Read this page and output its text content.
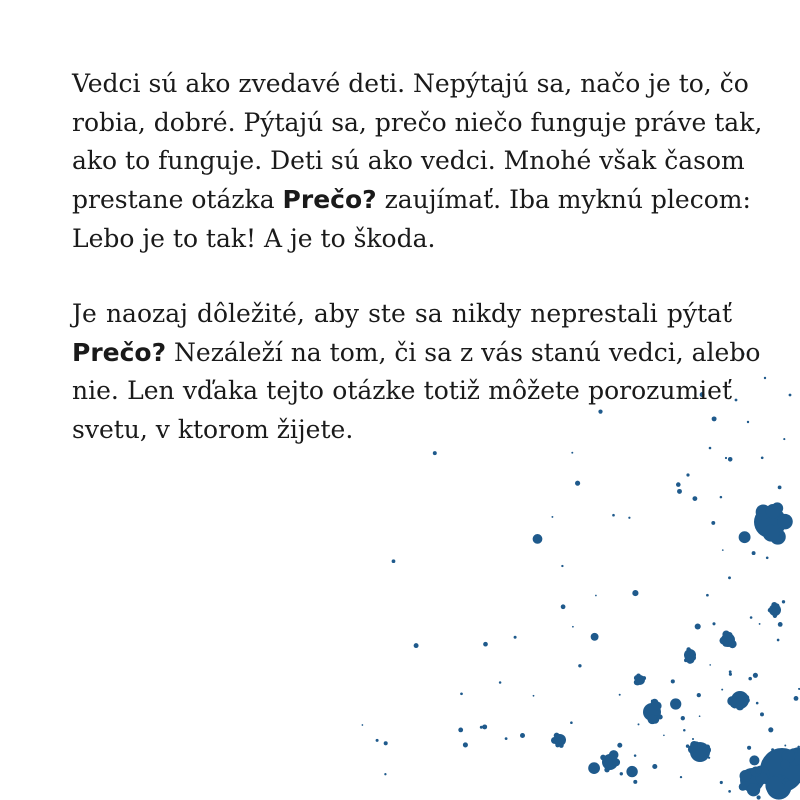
Vedci sú ako zvedavé deti. Nepýtajú sa, načo je to, čo
robia, dobré. Pýtajú sa, prečo niečo funguje práve tak,
ako to funguje. Deti sú ako vedci. Mnohé však časom
prestane otázka Prečo? zaujímať. Iba myknú plecom:
Lebo je to tak! A je to škoda.

Je naozaj dôležité, aby ste sa nikdy neprestali pýtať
Prečo? Nezáleží na tom, či sa z vás stanú vedci, alebo
nie. Len vďaka tejto otázke totiž môžete porozumieť
svetu, v ktorom žijete.
